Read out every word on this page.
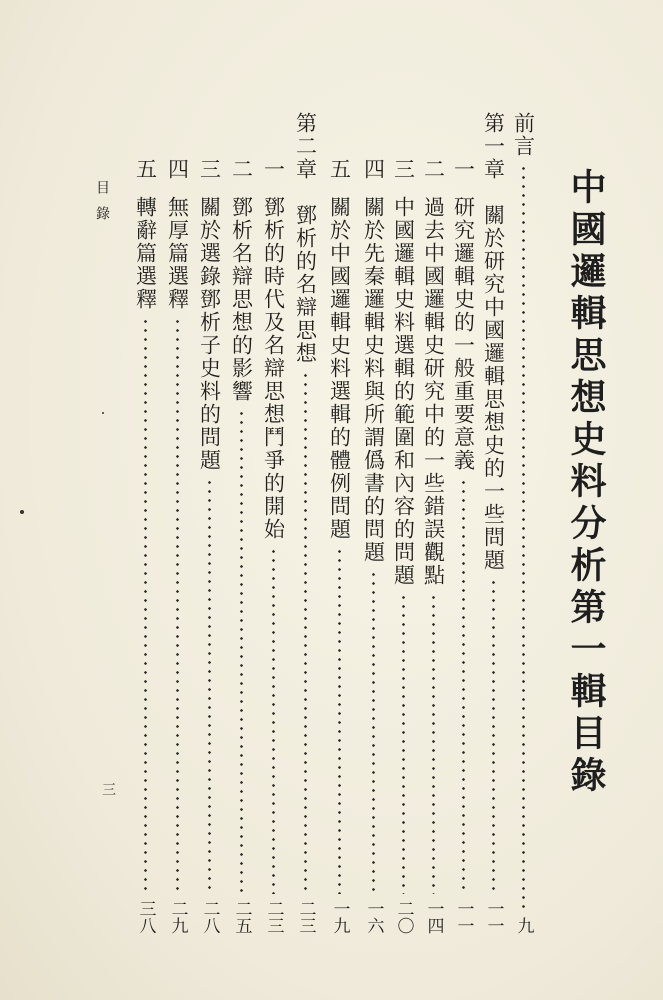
中國邏輯思想史料分析第一輯目錄
前言
九
第一章　關於研究中國邏輯思想史的一些問題
一一
一
研究邏輯史的一般重要意義
一一
二
過去中國邏輯史研究中的一些錯誤觀點
一四
三
中國邏輯史料選輯的範圍和內容的問題
二〇
四
關於先秦邏輯史料與所謂僞書的問題
一六
五
關於中國邏輯史料選輯的體例問題
一九
第二章　鄧析的名辯思想
二三
一
鄧析的時代及名辯思想鬥爭的開始
二三
二
鄧析名辯思想的影響
二五
三
關於選錄鄧析子史料的問題
二八
四
無厚篇選釋
二九
五
轉辭篇選釋
三八
目錄
三
